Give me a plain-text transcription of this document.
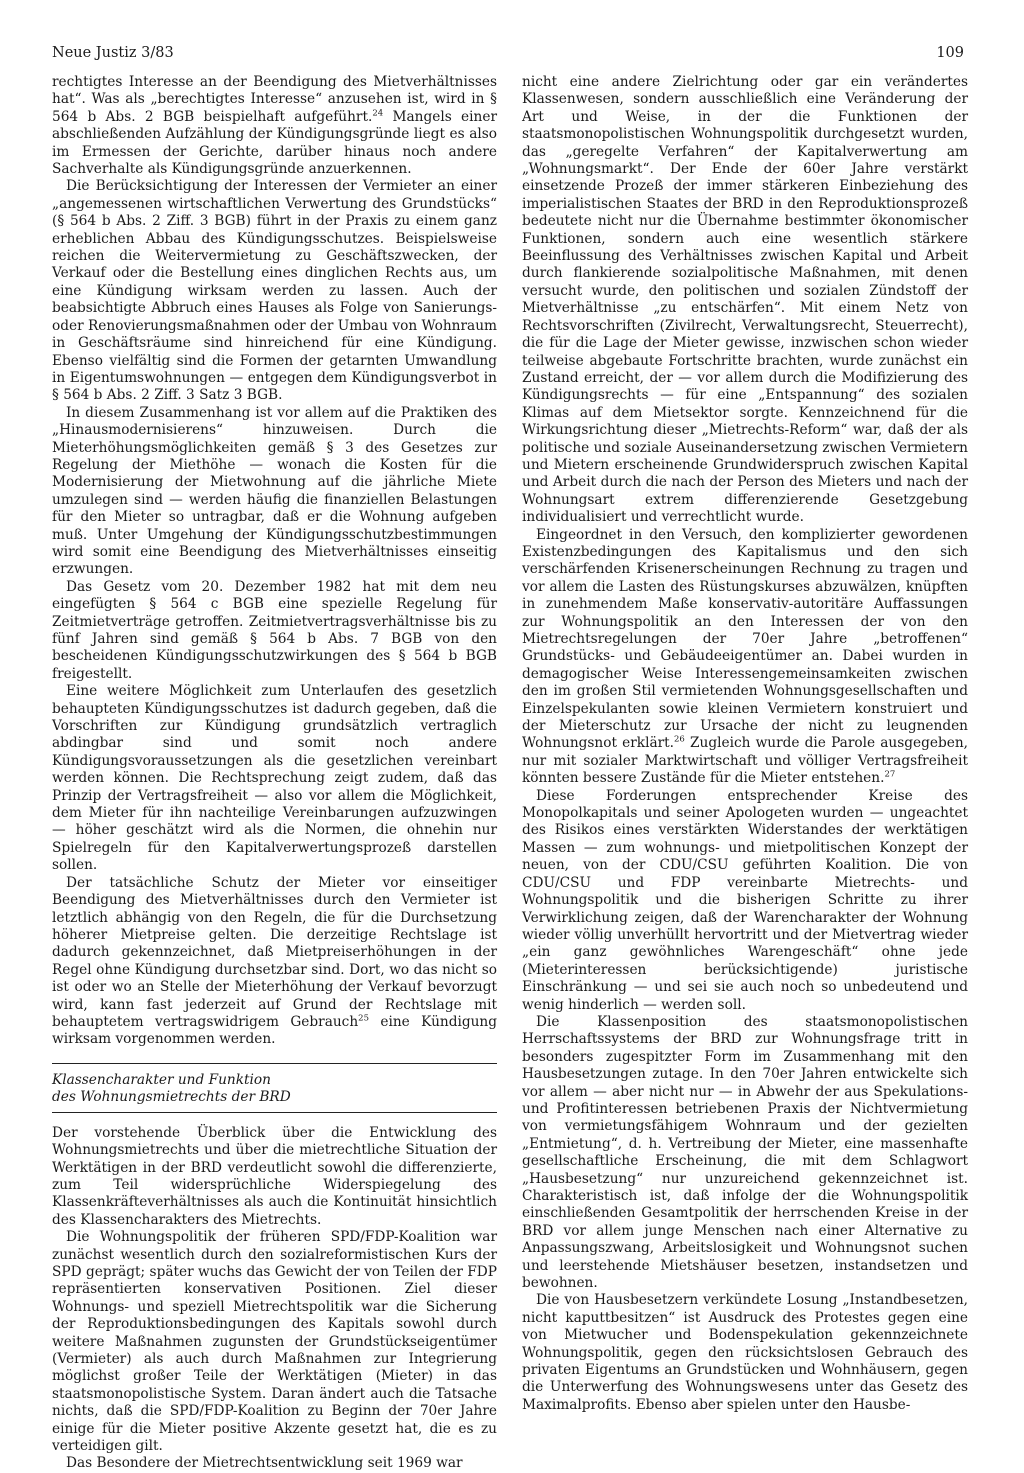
Neue Justiz 3/83	109

rechtigtes Interesse an der Beendigung des Mietverhältnisses hat“. Was als „berechtigtes Interesse“ anzusehen ist, wird in § 564 b Abs. 2 BGB beispielhaft aufgeführt.$^{24}$ Mangels einer abschließenden Aufzählung der Kündigungsgründe liegt es also im Ermessen der Gerichte, darüber hinaus noch andere Sachverhalte als Kündigungsgründe anzuerkennen.

Die Berücksichtigung der Interessen der Vermieter an einer „angemessenen wirtschaftlichen Verwertung des Grundstücks“ (§ 564 b Abs. 2 Ziff. 3 BGB) führt in der Praxis zu einem ganz erheblichen Abbau des Kündigungsschutzes. Beispielsweise reichen die Weitervermietung zu Geschäftszwecken, der Verkauf oder die Bestellung eines dinglichen Rechts aus, um eine Kündigung wirksam werden zu lassen. Auch der beabsichtigte Abbruch eines Hauses als Folge von Sanierungs- oder Renovierungsmaßnahmen oder der Umbau von Wohnraum in Geschäftsräume sind hinreichend für eine Kündigung. Ebenso vielfältig sind die Formen der getarnten Umwandlung in Eigentumswohnungen — entgegen dem Kündigungsverbot in § 564 b Abs. 2 Ziff. 3 Satz 3 BGB.

In diesem Zusammenhang ist vor allem auf die Praktiken des „Hinausmodernisierens“ hinzuweisen. Durch die Mieterhöhungsmöglichkeiten gemäß § 3 des Gesetzes zur Regelung der Miethöhe — wonach die Kosten für die Modernisierung der Mietwohnung auf die jährliche Miete umzulegen sind — werden häufig die finanziellen Belastungen für den Mieter so untragbar, daß er die Wohnung aufgeben muß. Unter Umgehung der Kündigungsschutzbestimmungen wird somit eine Beendigung des Mietverhältnisses einseitig erzwungen.

Das Gesetz vom 20. Dezember 1982 hat mit dem neu eingefügten § 564 c BGB eine spezielle Regelung für Zeitmietverträge getroffen. Zeitmietvertragsverhältnisse bis zu fünf Jahren sind gemäß § 564 b Abs. 7 BGB von den bescheidenen Kündigungsschutzwirkungen des § 564 b BGB freigestellt.

Eine weitere Möglichkeit zum Unterlaufen des gesetzlich behaupteten Kündigungsschutzes ist dadurch gegeben, daß die Vorschriften zur Kündigung grundsätzlich vertraglich abdingbar sind und somit noch andere Kündigungsvoraussetzungen als die gesetzlichen vereinbart werden können. Die Rechtsprechung zeigt zudem, daß das Prinzip der Vertragsfreiheit — also vor allem die Möglichkeit, dem Mieter für ihn nachteilige Vereinbarungen aufzuzwingen — höher geschätzt wird als die Normen, die ohnehin nur Spielregeln für den Kapitalverwertungsprozeß darstellen sollen.

Der tatsächliche Schutz der Mieter vor einseitiger Beendigung des Mietverhältnisses durch den Vermieter ist letztlich abhängig von den Regeln, die für die Durchsetzung höherer Mietpreise gelten. Die derzeitige Rechtslage ist dadurch gekennzeichnet, daß Mietpreiserhöhungen in der Regel ohne Kündigung durchsetzbar sind. Dort, wo das nicht so ist oder wo an Stelle der Mieterhöhung der Verkauf bevorzugt wird, kann fast jederzeit auf Grund der Rechtslage mit behauptetem vertragswidrigem Gebrauch$^{25}$ eine Kündigung wirksam vorgenommen werden.

Klassencharakter und Funktion
des Wohnungsmietrechts der BRD

Der vorstehende Überblick über die Entwicklung des Wohnungsmietrechts und über die mietrechtliche Situation der Werktätigen in der BRD verdeutlicht sowohl die differenzierte, zum Teil widersprüchliche Widerspiegelung des Klassenkräfteverhältnisses als auch die Kontinuität hinsichtlich des Klassencharakters des Mietrechts.

Die Wohnungspolitik der früheren SPD/FDP-Koalition war zunächst wesentlich durch den sozialreformistischen Kurs der SPD geprägt; später wuchs das Gewicht der von Teilen der FDP repräsentierten konservativen Positionen. Ziel dieser Wohnungs- und speziell Mietrechtspolitik war die Sicherung der Reproduktionsbedingungen des Kapitals sowohl durch weitere Maßnahmen zugunsten der Grundstückseigentümer (Vermieter) als auch durch Maßnahmen zur Integrierung möglichst großer Teile der Werktätigen (Mieter) in das staatsmonopolistische System. Daran ändert auch die Tatsache nichts, daß die SPD/FDP-Koalition zu Beginn der 70er Jahre einige für die Mieter positive Akzente gesetzt hat, die es zu verteidigen gilt.

Das Besondere der Mietrechtsentwicklung seit 1969 war

nicht eine andere Zielrichtung oder gar ein verändertes Klassenwesen, sondern ausschließlich eine Veränderung der Art und Weise, in der die Funktionen der staatsmonopolistischen Wohnungspolitik durchgesetzt wurden, das „geregelte Verfahren“ der Kapitalverwertung am „Wohnungsmarkt“. Der Ende der 60er Jahre verstärkt einsetzende Prozeß der immer stärkeren Einbeziehung des imperialistischen Staates der BRD in den Reproduktionsprozeß bedeutete nicht nur die Übernahme bestimmter ökonomischer Funktionen, sondern auch eine wesentlich stärkere Beeinflussung des Verhältnisses zwischen Kapital und Arbeit durch flankierende sozialpolitische Maßnahmen, mit denen versucht wurde, den politischen und sozialen Zündstoff der Mietverhältnisse „zu entschärfen“. Mit einem Netz von Rechtsvorschriften (Zivilrecht, Verwaltungsrecht, Steuerrecht), die für die Lage der Mieter gewisse, inzwischen schon wieder teilweise abgebaute Fortschritte brachten, wurde zunächst ein Zustand erreicht, der — vor allem durch die Modifizierung des Kündigungsrechts — für eine „Entspannung“ des sozialen Klimas auf dem Mietsektor sorgte. Kennzeichnend für die Wirkungsrichtung dieser „Mietrechts-Reform“ war, daß der als politische und soziale Auseinandersetzung zwischen Vermietern und Mietern erscheinende Grundwiderspruch zwischen Kapital und Arbeit durch die nach der Person des Mieters und nach der Wohnungsart extrem differenzierende Gesetzgebung individualisiert und verrechtlicht wurde.

Eingeordnet in den Versuch, den komplizierter gewordenen Existenzbedingungen des Kapitalismus und den sich verschärfenden Krisenerscheinungen Rechnung zu tragen und vor allem die Lasten des Rüstungskurses abzuwälzen, knüpften in zunehmendem Maße konservativ-autoritäre Auffassungen zur Wohnungspolitik an den Interessen der von den Mietrechtsregelungen der 70er Jahre „betroffenen“ Grundstücks- und Gebäudeeigentümer an. Dabei wurden in demagogischer Weise Interessengemeinsamkeiten zwischen den im großen Stil vermietenden Wohnungsgesellschaften und Einzelspekulanten sowie kleinen Vermietern konstruiert und der Mieterschutz zur Ursache der nicht zu leugnenden Wohnungsnot erklärt.$^{26}$ Zugleich wurde die Parole ausgegeben, nur mit sozialer Marktwirtschaft und völliger Vertragsfreiheit könnten bessere Zustände für die Mieter entstehen.$^{27}$

Diese Forderungen entsprechender Kreise des Monopolkapitals und seiner Apologeten wurden — ungeachtet des Risikos eines verstärkten Widerstandes der werktätigen Massen — zum wohnungs- und mietpolitischen Konzept der neuen, von der CDU/CSU geführten Koalition. Die von CDU/CSU und FDP vereinbarte Mietrechts- und Wohnungspolitik und die bisherigen Schritte zu ihrer Verwirklichung zeigen, daß der Warencharakter der Wohnung wieder völlig unverhüllt hervortritt und der Mietvertrag wieder „ein ganz gewöhnliches Warengeschäft“ ohne jede (Mieterinteressen berücksichtigende) juristische Einschränkung — und sei sie auch noch so unbedeutend und wenig hinderlich — werden soll.

Die Klassenposition des staatsmonopolistischen Herrschaftssystems der BRD zur Wohnungsfrage tritt in besonders zugespitzter Form im Zusammenhang mit den Hausbesetzungen zutage. In den 70er Jahren entwickelte sich vor allem — aber nicht nur — in Abwehr der aus Spekulations- und Profitinteressen betriebenen Praxis der Nichtvermietung von vermietungsfähigem Wohnraum und der gezielten „Entmietung“, d. h. Vertreibung der Mieter, eine massenhafte gesellschaftliche Erscheinung, die mit dem Schlagwort „Hausbesetzung“ nur unzureichend gekennzeichnet ist. Charakteristisch ist, daß infolge der die Wohnungspolitik einschließenden Gesamtpolitik der herrschenden Kreise in der BRD vor allem junge Menschen nach einer Alternative zu Anpassungszwang, Arbeitslosigkeit und Wohnungsnot suchen und leerstehende Mietshäuser besetzen, instandsetzen und bewohnen.

Die von Hausbesetzern verkündete Losung „Instandbesetzen, nicht kaputtbesitzen“ ist Ausdruck des Protestes gegen eine von Mietwucher und Bodenspekulation gekennzeichnete Wohnungspolitik, gegen den rücksichtslosen Gebrauch des privaten Eigentums an Grundstücken und Wohnhäusern, gegen die Unterwerfung des Wohnungswesens unter das Gesetz des Maximalprofits. Ebenso aber spielen unter den Hausbe-
